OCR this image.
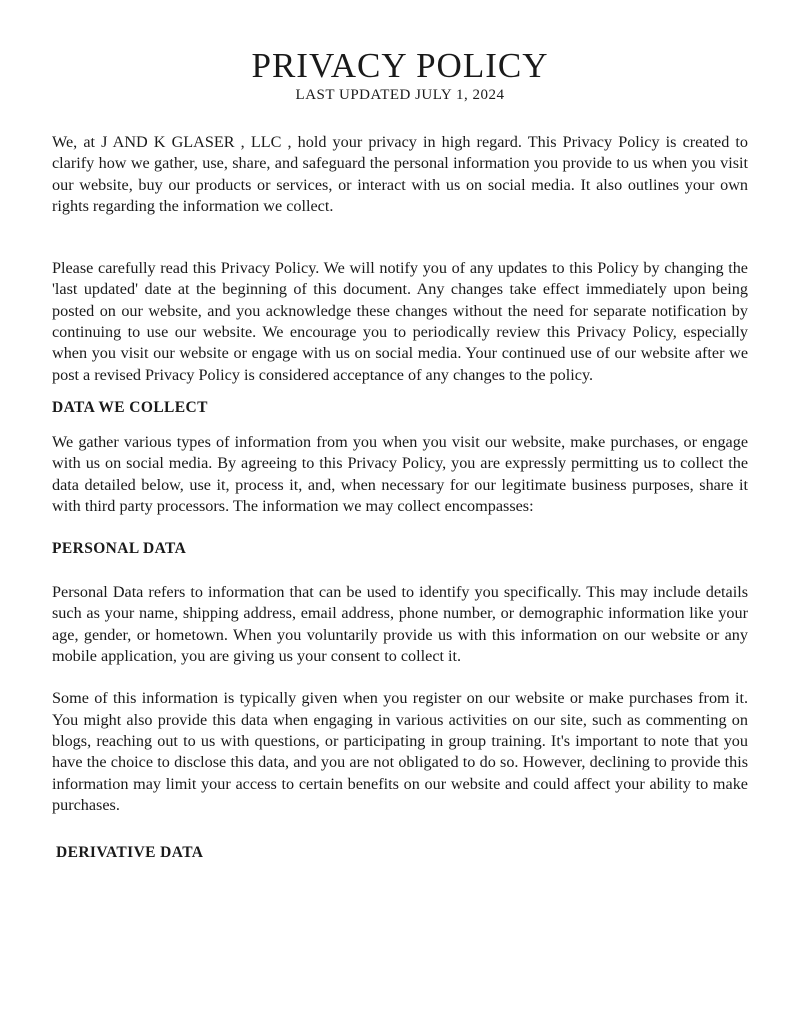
PRIVACY POLICY

LAST UPDATED JULY 1, 2024

We, at J AND K GLASER , LLC , hold your privacy in high regard. This Privacy Policy is created to clarify how we gather, use, share, and safeguard the personal information you provide to us when you visit our website, buy our products or services, or interact with us on social media. It also outlines your own rights regarding the information we collect.

Please carefully read this Privacy Policy. We will notify you of any updates to this Policy by changing the 'last updated' date at the beginning of this document. Any changes take effect immediately upon being posted on our website, and you acknowledge these changes without the need for separate notification by continuing to use our website. We encourage you to periodically review this Privacy Policy, especially when you visit our website or engage with us on social media. Your continued use of our website after we post a revised Privacy Policy is considered acceptance of any changes to the policy.

DATA WE COLLECT

We gather various types of information from you when you visit our website, make purchases, or engage with us on social media. By agreeing to this Privacy Policy, you are expressly permitting us to collect the data detailed below, use it, process it, and, when necessary for our legitimate business purposes, share it with third party processors. The information we may collect encompasses:

PERSONAL DATA

Personal Data refers to information that can be used to identify you specifically. This may include details such as your name, shipping address, email address, phone number, or demographic information like your age, gender, or hometown. When you voluntarily provide us with this information on our website or any mobile application, you are giving us your consent to collect it.

Some of this information is typically given when you register on our website or make purchases from it. You might also provide this data when engaging in various activities on our site, such as commenting on blogs, reaching out to us with questions, or participating in group training. It's important to note that you have the choice to disclose this data, and you are not obligated to do so. However, declining to provide this information may limit your access to certain benefits on our website and could affect your ability to make purchases.

DERIVATIVE DATA
